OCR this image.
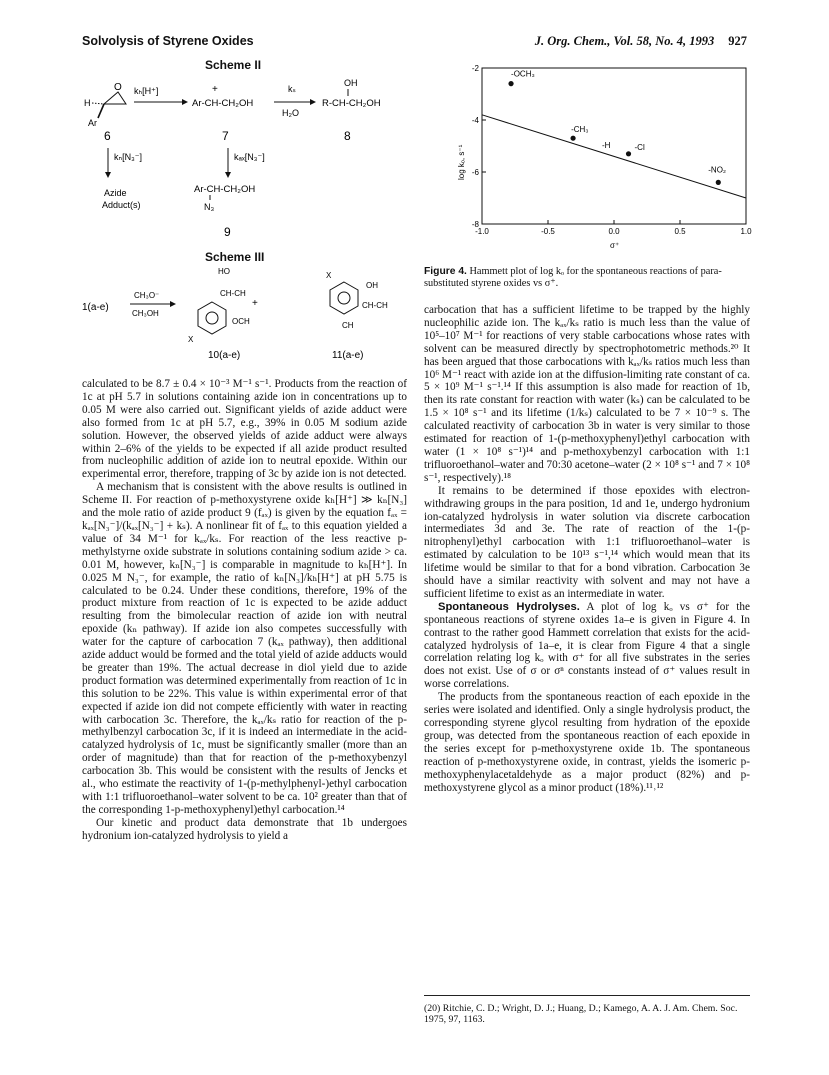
Solvolysis of Styrene Oxides	J. Org. Chem., Vol. 58, No. 4, 1993 927
Scheme II
O
H
Ar
kₕ[H⁺]	+
Ar-CH-CH₂OH
kₛ
H₂O
OH
R-CH-CH₂OH
6	7	8
kₙ[N₃⁻]	kₐₓ[N₃⁻]
Azide
Adduct(s)
Ar-CH-CH₂OH
N₃
9
Scheme III
1(a-e)
CH₃O⁻
CH₃OH
HO
CH-CH
X
OCH
+
X
OH
CH-CH
CH
10(a-e)	11(a-e)
-1.0	-0.5	0.0	0.5	1.0
-2
-4
-6
-8
-OCH₃
-CH₃
-H	-Cl
-NO₂
log kₒ, s⁻¹
σ⁺
Figure 4. Hammett plot of log kₒ for the spontaneous reactions of para-substituted styrene oxides vs σ⁺.

calculated to be 8.7 ± 0.4 × 10⁻³ M⁻¹ s⁻¹. Products from the reaction of 1c at pH 5.7 in solutions containing azide ion in concentrations up to 0.05 M were also carried out. Significant yields of azide adduct were also formed from 1c at pH 5.7, e.g., 39% in 0.05 M sodium azide solution. However, the observed yields of azide adduct were always within 2–6% of the yields to be expected if all azide product resulted from nucleophilic addition of azide ion to neutral epoxide. Within our experimental error, therefore, trapping of 3c by azide ion is not detected.

A mechanism that is consistent with the above results is outlined in Scheme II. For reaction of p-methoxystyrene oxide kₕ[H⁺] ≫ kₙ[N₃] and the mole ratio of azide product 9 (fₐₓ) is given by the equation fₐₓ = kₐₓ[N₃⁻]/(kₐₓ[N₃⁻] + kₛ). A nonlinear fit of fₐₓ to this equation yielded a value of 34 M⁻¹ for kₐₓ/kₛ. For reaction of the less reactive p-methylstyrne oxide substrate in solutions containing sodium azide > ca. 0.01 M, however, kₙ[N₃⁻] is comparable in magnitude to kₕ[H⁺]. In 0.025 M N₃⁻, for example, the ratio of kₙ[N₃]/kₕ[H⁺] at pH 5.75 is calculated to be 0.24. Under these conditions, therefore, 19% of the product mixture from reaction of 1c is expected to be azide adduct resulting from the bimolecular reaction of azide ion with neutral epoxide (kₙ pathway). If azide ion also competes successfully with water for the capture of carbocation 7 (kₐₓ pathway), then additional azide adduct would be formed and the total yield of azide adducts would be greater than 19%. The actual decrease in diol yield due to azide product formation was determined experimentally from reaction of 1c in this solution to be 22%. This value is within experimental error of that expected if azide ion did not compete efficiently with water in reacting with carbocation 3c. Therefore, the kₐₓ/kₛ ratio for reaction of the p-methylbenzyl carbocation 3c, if it is indeed an intermediate in the acid-catalyzed hydrolysis of 1c, must be significantly smaller (more than an order of magnitude) than that for reaction of the p-methoxybenzyl carbocation 3b. This would be consistent with the results of Jencks et al., who estimate the reactivity of 1-(p-methylphenyl-)ethyl carbocation with 1:1 trifluoroethanol–water solvent to be ca. 10² greater than that of the corresponding 1-p-methoxyphenyl)ethyl carbocation.¹⁴

Our kinetic and product data demonstrate that 1b undergoes hydronium ion-catalyzed hydrolysis to yield a

carbocation that has a sufficient lifetime to be trapped by the highly nucleophilic azide ion. The kₐₓ/kₛ ratio is much less than the value of 10⁵–10⁷ M⁻¹ for reactions of very stable carbocations whose rates with solvent can be measured directly by spectrophotometric methods.²⁰ It has been argued that those carbocations with kₐₓ/kₛ ratios much less than 10⁶ M⁻¹ react with azide ion at the diffusion-limiting rate constant of ca. 5 × 10⁹ M⁻¹ s⁻¹.¹⁴ If this assumption is also made for reaction of 1b, then its rate constant for reaction with water (kₛ) can be calculated to be 1.5 × 10⁸ s⁻¹ and its lifetime (1/kₛ) calculated to be 7 × 10⁻⁹ s. The calculated reactivity of carbocation 3b in water is very similar to those estimated for reaction of 1-(p-methoxyphenyl)ethyl carbocation with water (1 × 10⁸ s⁻¹)¹⁴ and p-methoxybenzyl carbocation with 1:1 trifluoroethanol–water and 70:30 acetone–water (2 × 10⁸ s⁻¹ and 7 × 10⁸ s⁻¹, respectively).¹⁸

It remains to be determined if those epoxides with electron-withdrawing groups in the para position, 1d and 1e, undergo hydronium ion-catalyzed hydrolysis in water solution via discrete carbocation intermediates 3d and 3e. The rate of reaction of the 1-(p-nitrophenyl)ethyl carbocation with 1:1 trifluoroethanol–water is estimated by calculation to be 10¹³ s⁻¹,¹⁴ which would mean that its lifetime would be similar to that for a bond vibration. Carbocation 3e should have a similar reactivity with solvent and may not have a sufficient lifetime to exist as an intermediate in water.

Spontaneous Hydrolyses. A plot of log kₒ vs σ⁺ for the spontaneous reactions of styrene oxides 1a–e is given in Figure 4. In contrast to the rather good Hammett correlation that exists for the acid-catalyzed hydrolysis of 1a–e, it is clear from Figure 4 that a single correlation relating log kₒ with σ⁺ for all five substrates in the series does not exist. Use of σ or σⁿ constants instead of σ⁺ values result in worse correlations.

The products from the spontaneous reaction of each epoxide in the series were isolated and identified. Only a single hydrolysis product, the corresponding styrene glycol resulting from hydration of the epoxide group, was detected from the spontaneous reaction of each epoxide in the series except for p-methoxystyrene oxide 1b. The spontaneous reaction of p-methoxystyrene oxide, in contrast, yields the isomeric p-methoxyphenylacetaldehyde as a major product (82%) and p-methoxystyrene glycol as a minor product (18%).¹¹˒¹²

(20) Ritchie, C. D.; Wright, D. J.; Huang, D.; Kamego, A. A. J. Am. Chem. Soc. 1975, 97, 1163.
